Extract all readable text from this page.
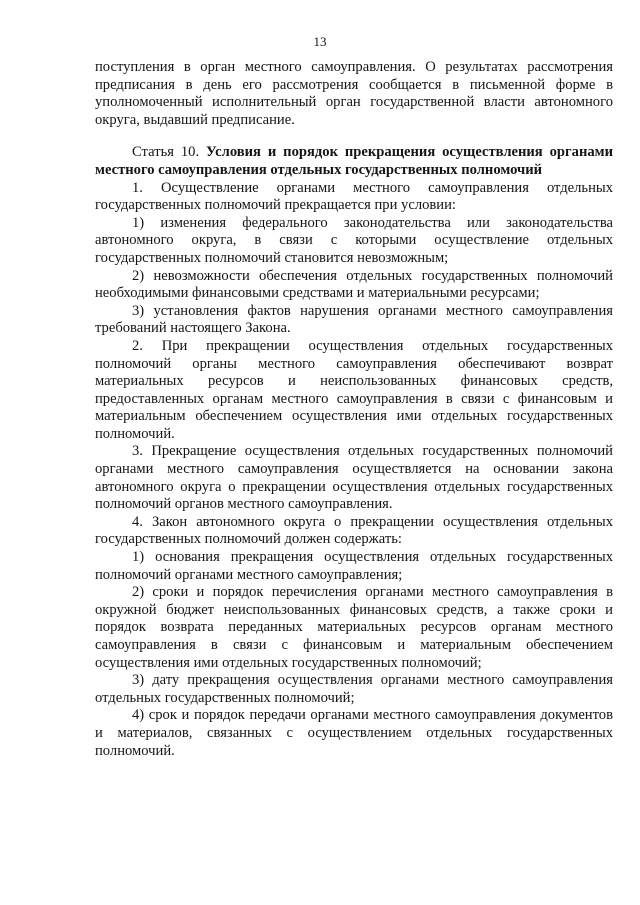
13

поступления в орган местного самоуправления. О результатах рассмотрения предписания в день его рассмотрения сообщается в письменной форме в уполномоченный исполнительный орган государственной власти автономного округа, выдавший предписание.

Статья 10. Условия и порядок прекращения осуществления органами местного самоуправления отдельных государственных полномочий

1. Осуществление органами местного самоуправления отдельных государственных полномочий прекращается при условии:

1) изменения федерального законодательства или законодательства автономного округа, в связи с которыми осуществление отдельных государственных полномочий становится невозможным;

2) невозможности обеспечения отдельных государственных полномочий необходимыми финансовыми средствами и материальными ресурсами;

3) установления фактов нарушения органами местного самоуправления требований настоящего Закона.

2. При прекращении осуществления отдельных государственных полномочий органы местного самоуправления обеспечивают возврат материальных ресурсов и неиспользованных финансовых средств, предоставленных органам местного самоуправления в связи с финансовым и материальным обеспечением осуществления ими отдельных государственных полномочий.

3. Прекращение осуществления отдельных государственных полномочий органами местного самоуправления осуществляется на основании закона автономного округа о прекращении осуществления отдельных государственных полномочий органов местного самоуправления.

4. Закон автономного округа о прекращении осуществления отдельных государственных полномочий должен содержать:

1) основания прекращения осуществления отдельных государственных полномочий органами местного самоуправления;

2) сроки и порядок перечисления органами местного самоуправления в окружной бюджет неиспользованных финансовых средств, а также сроки и порядок возврата переданных материальных ресурсов органам местного самоуправления в связи с финансовым и материальным обеспечением осуществления ими отдельных государственных полномочий;

3) дату прекращения осуществления органами местного самоуправления отдельных государственных полномочий;

4) срок и порядок передачи органами местного самоуправления документов и материалов, связанных с осуществлением отдельных государственных полномочий.
